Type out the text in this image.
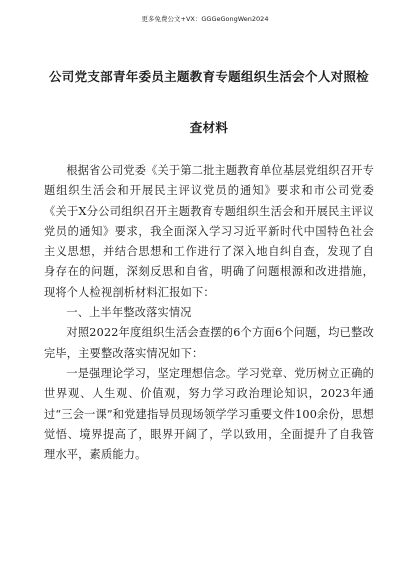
更多免费公文+VX：GGGeGongWen2024
公司党支部青年委员主题教育专题组织生活会个人对照检
查材料

根据省公司党委《关于第二批主题教育单位基层党组织召开专题组织生活会和开展民主评议党员的通知》要求和市公司党委《关于X分公司组织召开主题教育专题组织生活会和开展民主评议党员的通知》要求，我全面深入学习习近平新时代中国特色社会主义思想，并结合思想和工作进行了深入地自纠自查，发现了自身存在的问题，深刻反思和自省，明确了问题根源和改进措施，现将个人检视剖析材料汇报如下：

一、上半年整改落实情况

对照2022年度组织生活会查摆的6个方面6个问题，均已整改完毕，主要整改落实情况如下：

一是强理论学习，坚定理想信念。学习党章、党历树立正确的世界观、人生观、价值观，努力学习政治理论知识，2023年通过“三会一课”和党建指导员现场领学学习重要文件100余份，思想觉悟、境界提高了，眼界开阔了，学以致用，全面提升了自我管理水平，素质能力。
